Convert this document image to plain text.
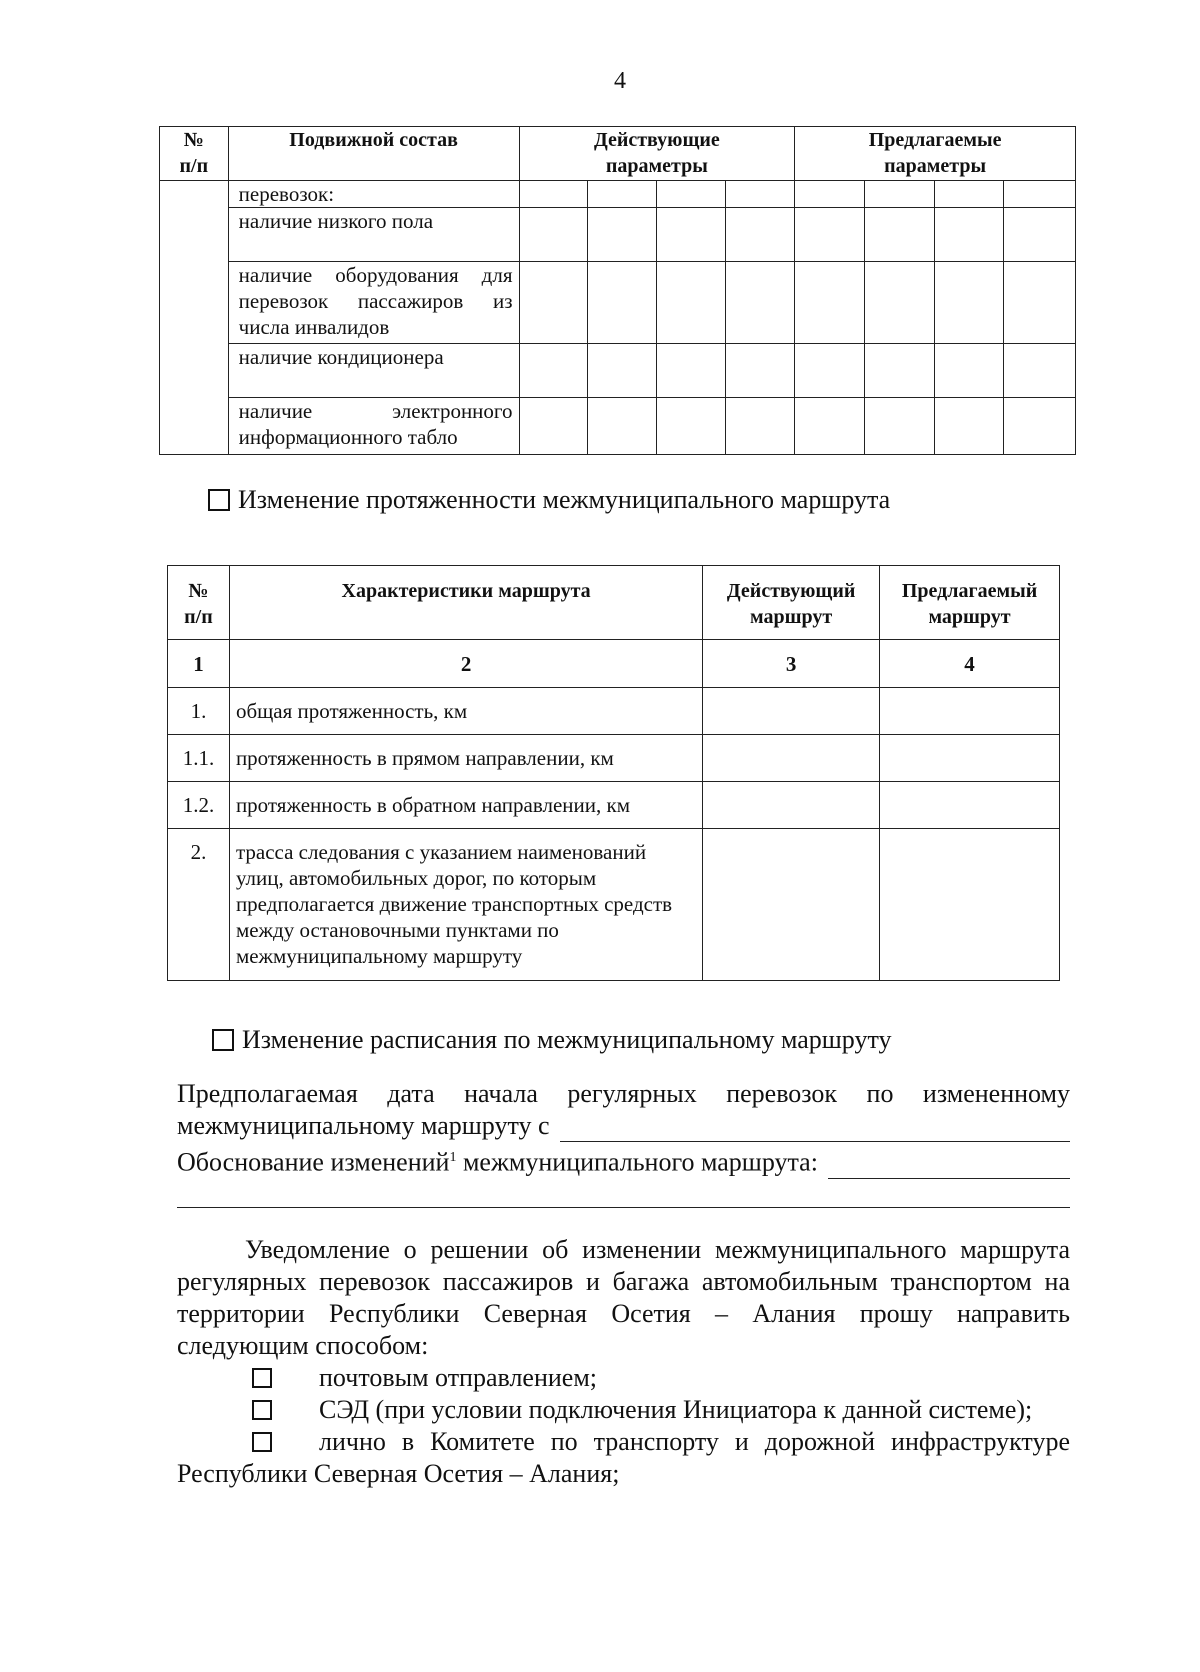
4
№ п/п	Подвижной состав	Действующие параметры				Предлагаемые параметры			
	перевозок:								
	наличие низкого пола								
	наличие оборудования для перевозок пассажиров из числа инвалидов								
	наличие кондиционера								
	наличие электронного информационного табло								
Изменение протяженности межмуниципального маршрута
№ п/п	Характеристики маршрута	Действующий маршрут	Предлагаемый маршрут
1	2	3	4
1.	общая протяженность, км		
1.1.	протяженность в прямом направлении, км		
1.2.	протяженность в обратном направлении, км		
2.	трасса следования с указанием наименований улиц, автомобильных дорог, по которым предполагается движение транспортных средств между остановочными пунктами по межмуниципальному маршруту		
Изменение расписания по межмуниципальному маршруту
Предполагаемая дата начала регулярных перевозок по измененному
межмуниципальному маршруту с
Обоснование изменений$^1$ межмуниципального маршрута:
Уведомление о решении об изменении межмуниципального маршрута регулярных перевозок пассажиров и багажа автомобильным транспортом на территории Республики Северная Осетия – Алания прошу направить следующим способом:
почтовым отправлением;
СЭД (при условии подключения Инициатора к данной системе);
лично в Комитете по транспорту и дорожной инфраструктуре
Республики Северная Осетия – Алания;
